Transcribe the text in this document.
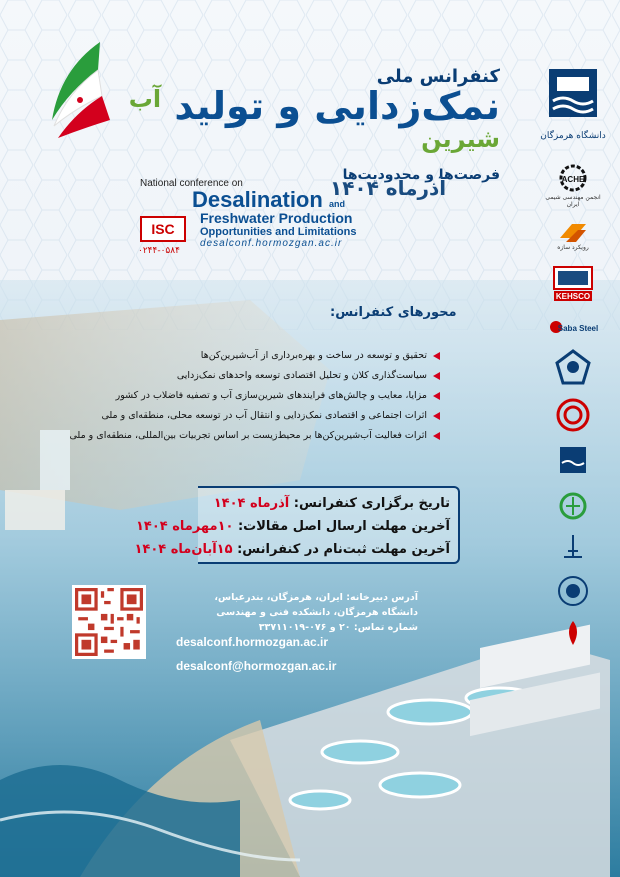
کنفرانس ملی
نمک‌زدایی و تولید $^{آب شیرین}$
فرصت‌ها و محدودیت‌ها
آذرماه ۱۴۰۴
National conference on
Desalination and
Freshwater Production
Opportunities and Limitations
desalconf.hormozgan.ac.ir
ISC
۰۲۴۴-۰۵۸۴
دانشگاه هرمزگان
ACHE
انجمن مهندسی شیمی ایران
رویکرد سازه
KEHSCO
Saba Steel
محورهای کنفرانس:
تحقیق و توسعه در ساخت و بهره‌برداری از آب‌شیرین‌کن‌ها
سیاست‌گذاری کلان و تحلیل اقتصادی توسعه واحدهای نمک‌زدایی
مزایا، معایب و چالش‌های فرایندهای شیرین‌سازی آب و تصفیه فاضلاب در کشور
اثرات اجتماعی و اقتصادی نمک‌زدایی و انتقال آب در توسعه محلی، منطقه‌ای و ملی
اثرات فعالیت آب‌شیرین‌کن‌ها بر محیط‌زیست بر اساس تجربیات بین‌المللی، منطقه‌ای و ملی
تاریخ برگزاری کنفرانس: آذرماه ۱۴۰۴
آخرین مهلت ارسال اصل مقالات: ۱۰مهرماه ۱۴۰۴
آخرین مهلت ثبت‌نام در کنفرانس: ۱۵آبان‌ماه ۱۴۰۴
آدرس دبیرخانه: ایران، هرمزگان، بندرعباس،
دانشگاه هرمزگان، دانشکده فنی و مهندسی
شماره تماس: ۲۰ و ۰۷۶-۳۳۷۱۱۰۱۹
desalconf.hormozgan.ac.ir
desalconf@hormozgan.ac.ir
